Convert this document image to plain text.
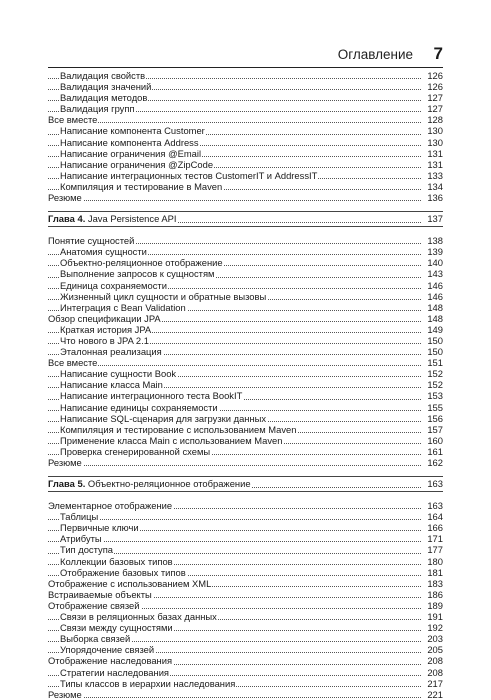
Оглавление 7
Валидация свойств	126
Валидация значений	126
Валидация методов	127
Валидация групп	127
Все вместе	128
Написание компонента Customer	130
Написание компонента Address	130
Написание ограничения @Email	131
Написание ограничения @ZipCode	131
Написание интеграционных тестов CustomerIT и AddressIT	133
Компиляция и тестирование в Maven	134
Резюме	136
Глава 4. Java Persistence API	137
Понятие сущностей	138
Анатомия сущности	139
Объектно-реляционное отображение	140
Выполнение запросов к сущностям	143
Единица сохраняемости	146
Жизненный цикл сущности и обратные вызовы	146
Интеграция с Bean Validation	148
Обзор спецификации JPA	148
Краткая история JPA	149
Что нового в JPA 2.1	150
Эталонная реализация	150
Все вместе	151
Написание сущности Book	152
Написание класса Main	152
Написание интеграционного теста BookIT	153
Написание единицы сохраняемости	155
Написание SQL-сценария для загрузки данных	156
Компиляция и тестирование с использованием Maven	157
Применение класса Main с использованием Maven	160
Проверка сгенерированной схемы	161
Резюме	162
Глава 5. Объектно-реляционное отображение	163
Элементарное отображение	163
Таблицы	164
Первичные ключи	166
Атрибуты	171
Тип доступа	177
Коллекции базовых типов	180
Отображение базовых типов	181
Отображение с использованием XML	183
Встраиваемые объекты	186
Отображение связей	189
Связи в реляционных базах данных	191
Связи между сущностями	192
Выборка связей	203
Упорядочение связей	205
Отображение наследования	208
Стратегии наследования	208
Типы классов в иерархии наследования	217
Резюме	221
